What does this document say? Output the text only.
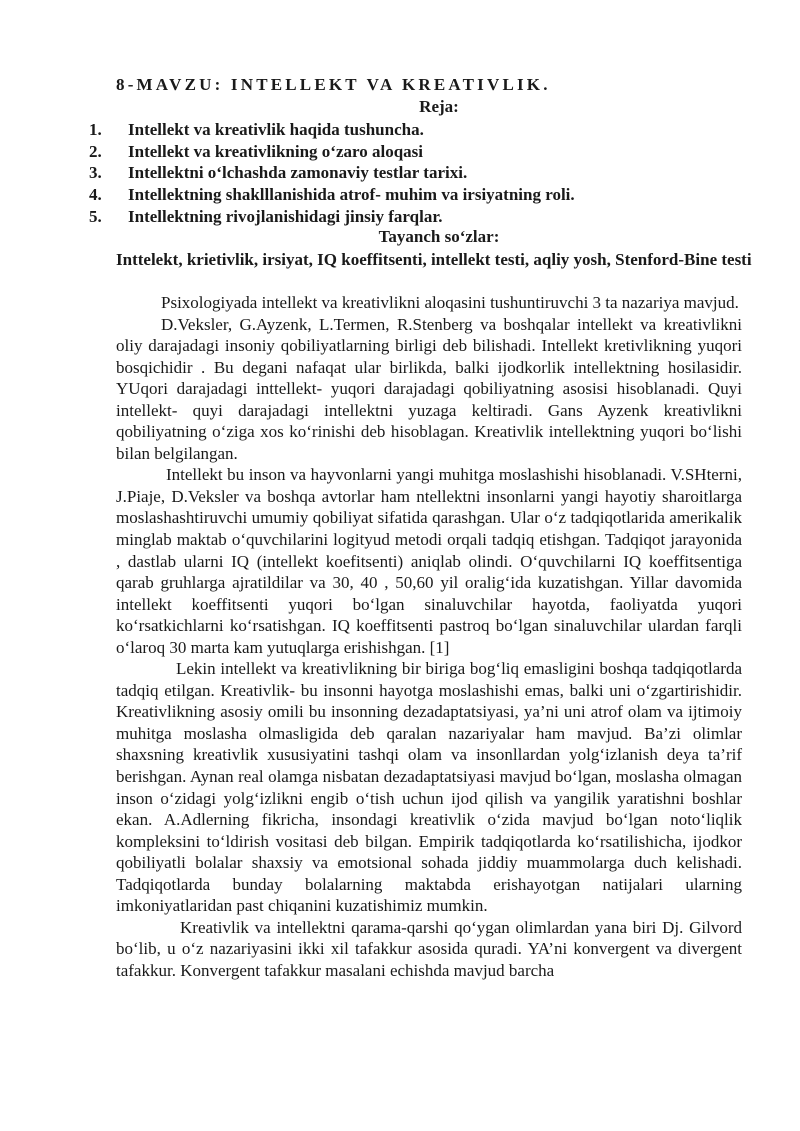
8-MAVZU: INTELLEKT VA KREATIVLIK.
Reja:
1. Intellekt va kreativlik haqida tushuncha.
2. Intellekt va kreativlikning o‘zaro aloqasi
3. Intellektni o‘lchashda zamonaviy testlar tarixi.
4. Intellektning shaklllanishida atrof- muhim va irsiyatning roli.
5. Intellektning rivojlanishidagi jinsiy farqlar.
Tayanch so‘zlar:
Inttelekt, krietivlik, irsiyat, IQ koeffitsenti, intellekt testi, aqliy yosh, Stenford-Bine testi

Psixologiyada intellekt va kreativlikni aloqasini tushuntiruvchi 3 ta nazariya mavjud.

D.Veksler, G.Ayzenk, L.Termen, R.Stenberg va boshqalar intellekt va kreativlikni oliy darajadagi insoniy qobiliyatlarning birligi deb bilishadi. Intellekt kretivlikning yuqori bosqichidir . Bu degani nafaqat ular birlikda, balki ijodkorlik intellektning hosilasidir. YUqori darajadagi inttellekt- yuqori darajadagi qobiliyatning asosisi hisoblanadi. Quyi intellekt- quyi darajadagi intellektni yuzaga keltiradi. Gans Ayzenk kreativlikni qobiliyatning o‘ziga xos ko‘rinishi deb hisoblagan. Kreativlik intellektning yuqori bo‘lishi bilan belgilangan.

Intellekt bu inson va hayvonlarni yangi muhitga moslashishi hisoblanadi. V.SHterni, J.Piaje, D.Veksler va boshqa avtorlar ham ntellektni insonlarni yangi hayotiy sharoitlarga moslashashtiruvchi umumiy qobiliyat sifatida qarashgan. Ular o‘z tadqiqotlarida amerikalik minglab maktab o‘quvchilarini logityud metodi orqali tadqiq etishgan. Tadqiqot jarayonida , dastlab ularni IQ (intellekt koefitsenti) aniqlab olindi. O‘quvchilarni IQ koeffitsentiga qarab gruhlarga ajratildilar va 30, 40 , 50,60 yil oralig‘ida kuzatishgan. Yillar davomida intellekt koeffitsenti yuqori bo‘lgan sinaluvchilar hayotda, faoliyatda yuqori ko‘rsatkichlarni ko‘rsatishgan. IQ koeffitsenti pastroq bo‘lgan sinaluvchilar ulardan farqli o‘laroq 30 marta kam yutuqlarga erishishgan. [1]

Lekin intellekt va kreativlikning bir biriga bog‘liq emasligini boshqa tadqiqotlarda tadqiq etilgan. Kreativlik- bu insonni hayotga moslashishi emas, balki uni o‘zgartirishidir. Kreativlikning asosiy omili bu insonning dezadaptatsiyasi, ya’ni uni atrof olam va ijtimoiy muhitga moslasha olmasligida deb qaralan nazariyalar ham mavjud. Ba’zi olimlar shaxsning kreativlik xususiyatini tashqi olam va insonllardan yolg‘izlanish deya ta’rif berishgan. Aynan real olamga nisbatan dezadaptatsiyasi mavjud bo‘lgan, moslasha olmagan inson o‘zidagi yolg‘izlikni engib o‘tish uchun ijod qilish va yangilik yaratishni boshlar ekan. A.Adlerning fikricha, insondagi kreativlik o‘zida mavjud bo‘lgan noto‘liqlik kompleksini to‘ldirish vositasi deb bilgan. Empirik tadqiqotlarda ko‘rsatilishicha, ijodkor qobiliyatli bolalar shaxsiy va emotsional sohada jiddiy muammolarga duch kelishadi. Tadqiqotlarda bunday bolalarning maktabda erishayotgan natijalari ularning imkoniyatlaridan past chiqanini kuzatishimiz mumkin.

Kreativlik va intellektni qarama-qarshi qo‘ygan olimlardan yana biri Dj. Gilvord bo‘lib, u o‘z nazariyasini ikki xil tafakkur asosida quradi. YA’ni konvergent va divergent tafakkur. Konvergent tafakkur masalani echishda mavjud barcha
